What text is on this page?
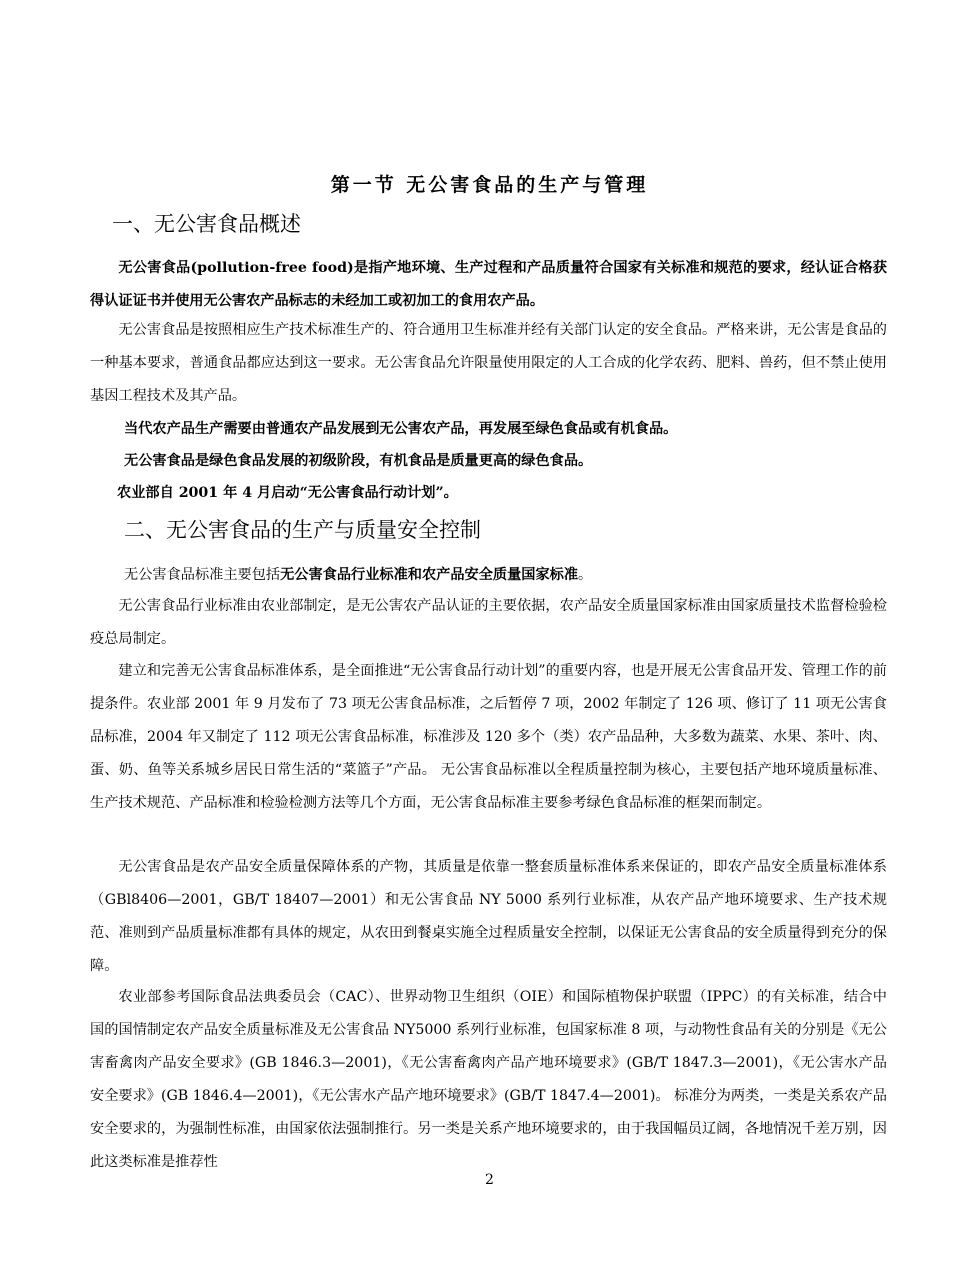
第一节 无公害食品的生产与管理
一、无公害食品概述
无公害食品(pollution-free food)是指产地环境、生产过程和产品质量符合国家有关标准和规范的要求，经认证合格获得认证证书并使用无公害农产品标志的未经加工或初加工的食用农产品。
无公害食品是按照相应生产技术标准生产的、符合通用卫生标准并经有关部门认定的安全食品。严格来讲，无公害是食品的一种基本要求，普通食品都应达到这一要求。无公害食品允许限量使用限定的人工合成的化学农药、肥料、兽药，但不禁止使用基因工程技术及其产品。
当代农产品生产需要由普通农产品发展到无公害农产品，再发展至绿色食品或有机食品。
无公害食品是绿色食品发展的初级阶段，有机食品是质量更高的绿色食品。
农业部自 2001 年 4 月启动“无公害食品行动计划”。
二、无公害食品的生产与质量安全控制
无公害食品标准主要包括无公害食品行业标准和农产品安全质量国家标准。
无公害食品行业标准由农业部制定，是无公害农产品认证的主要依据，农产品安全质量国家标准由国家质量技术监督检验检疫总局制定。
建立和完善无公害食品标准体系，是全面推进“无公害食品行动计划”的重要内容，也是开展无公害食品开发、管理工作的前提条件。农业部 2001 年 9 月发布了 73 项无公害食品标准，之后暂停 7 项，2002 年制定了 126 项、修订了 11 项无公害食品标准，2004 年又制定了 112 项无公害食品标准，标准涉及 120 多个（类）农产品品种，大多数为蔬菜、水果、茶叶、肉、蛋、奶、鱼等关系城乡居民日常生活的“菜篮子”产品。 无公害食品标准以全程质量控制为核心，主要包括产地环境质量标准、生产技术规范、产品标准和检验检测方法等几个方面，无公害食品标准主要参考绿色食品标准的框架而制定。
无公害食品是农产品安全质量保障体系的产物，其质量是依靠一整套质量标准体系来保证的，即农产品安全质量标准体系（GBl8406—2001，GB/T 18407—2001）和无公害食品 NY 5000 系列行业标准，从农产品产地环境要求、生产技术规范、准则到产品质量标准都有具体的规定，从农田到餐桌实施全过程质量安全控制，以保证无公害食品的安全质量得到充分的保障。
农业部参考国际食品法典委员会（CAC）、世界动物卫生组织（OIE）和国际植物保护联盟（IPPC）的有关标准，结合中国的国情制定农产品安全质量标准及无公害食品 NY5000 系列行业标准，包国家标准 8 项，与动物性食品有关的分别是《无公害畜禽肉产品安全要求》(GB 1846.3—2001)，《无公害畜禽肉产品产地环境要求》(GB/T 1847.3—2001)，《无公害水产品安全要求》(GB 1846.4—2001)，《无公害水产品产地环境要求》(GB/T 1847.4—2001)。 标准分为两类，一类是关系农产品安全要求的，为强制性标准，由国家依法强制推行。另一类是关系产地环境要求的，由于我国幅员辽阔，各地情况千差万别，因此这类标准是推荐性
2
